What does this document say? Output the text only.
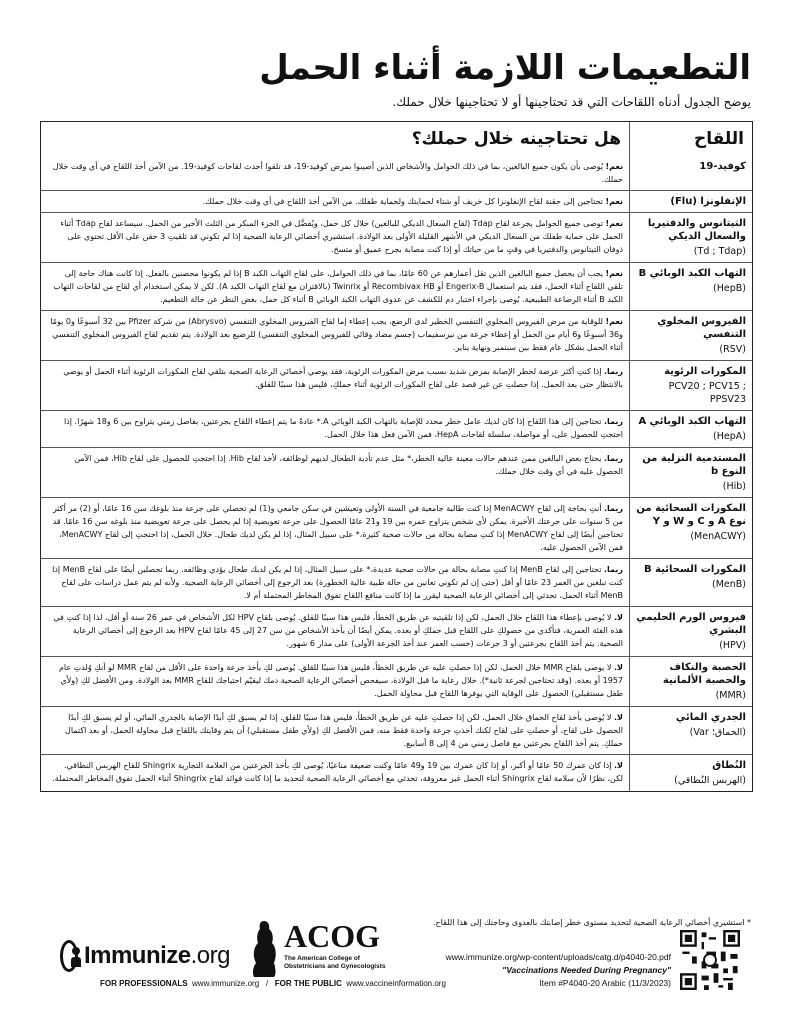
التطعيمات اللازمة أثناء الحمل
يوضح الجدول أدناه اللقاحات التي قد تحتاجينها أو لا تحتاجينها خلال حملك.
اللقاح
هل تحتاجينه خلال حملك؟
كوفيد-19
نعم! يُوصى بأن يكون جميع البالغين، بما في ذلك الحوامل والأشخاص الذين أصيبوا بمرض كوفيد-19، قد تلقوا أحدث لقاحات كوفيد-19. من الآمن أخذ اللقاح في أي وقت خلال حملك.
الإنفلونزا (Flu)
نعم! تحتاجين إلى حقنة لقاح الإنفلونزا كل خريف أو شتاء لحمايتك ولحماية طفلك. من الآمن أخذ اللقاح في أي وقت خلال حملك.
التيتانوس والدفتيريا والسعال الديكي
(Td ; Tdap)
نعم! توصى جميع الحوامل بجرعة لقاح Tdap (لقاح السعال الديكي للبالغين) خلال كل حمل، ويُفضَّل في الجزء المبكر من الثلث الأخير من الحمل. سيساعد لقاح Tdap أثناء الحمل على حماية طفلك من السعال الديكي في الأشهر القليلة الأولى بعد الولادة. استشيري أخصائي الرعاية الصحية إذا لم تكوني قد تلقيتِ 3 حقن على الأقل تحتوي على ذوفان التيتانوس والدفتيريا في وقتٍ ما من حياتك أو إذا كنت مصابة بجرح عميق أو متسخ.
التهاب الكبد الوبائي B
(HepB)
نعم! يجب أن يحصل جميع البالغين الذين تقل أعمارهم عن 60 عامًا، بما في ذلك الحوامل، على لقاح التهاب الكبد B إذا لم يكونوا محصنين بالفعل. إذا كانت هناك حاجة إلى تلقي اللقاح أثناء الحمل، فقد يتم استعمال Engerix-B أو Recombivax HB أو Twinrix (بالاقتران مع لقاح التهاب الكبد A). لكن لا يمكن استخدام أي لقاح من لقاحات التهاب الكبد B أثناء الرضاعة الطبيعية. يُوصى بإجراء اختبار دم للكشف عن عدوى التهاب الكبد الوبائي B أثناء كل حمل، بغض النظر عن حالة التطعيم.
الفيروس المخلوي التنفسي
(RSV)
نعم! للوقاية من مرض الفيروس المخلوي التنفسي الخطير لدى الرضع، يجب إعطاء إما لقاح الفيروس المخلوي التنفسي (Abrysvo) من شركة Pfizer بين 32 أسبوعًا و0 يومًا و36 أسبوعًا و6 أيام من الحمل أو إعطاء جرعة من نيرسفيماب (جسم مضاد وقائي للفيروس المخلوي التنفسي) للرضيع بعد الولادة. يتم تقديم لقاح الفيروس المخلوي التنفسي أثناء الحمل بشكل عام فقط بين سبتمبر ونهاية يناير.
المكورات الرئوية
PCV20 ; PCV15 ; PPSV23
ربما. إذا كنتِ أكثر عرضة لخطر الإصابة بمرض شديد بسبب مرض المكورات الرئوية، فقد يوصي أخصائي الرعاية الصحية بتلقي لقاح المكورات الرئوية أثناء الحمل أو يوصي بالانتظار حتى بعد الحمل. إذا حصلتِ عن غير قصد على لقاح المكورات الرئوية أثناء حملكِ، فليس هذا سببًا للقلق.
التهاب الكبد الوبائي A
(HepA)
ربما. تحتاجين إلى هذا اللقاح إذا كان لديك عامل خطر محدد للإصابة بالتهاب الكبد الوبائي A.* عادةً ما يتم إعطاء اللقاح بجرعتين، بفاصل زمني يتراوح بين 6 و18 شهرًا. إذا احتجتِ للحصول على، أو مواصلة، سلسلة لقاحات HepA، فمن الآمن فعل هذا خلال الحمل.
المستدمية النزلية من النوع b
(Hib)
ربما. يحتاج بعض البالغين ممن عندهم حالات معينة عالية الخطر،* مثل عدم تأدية الطحال لديهم لوظائفه، لأخذ لقاح Hib. إذا احتجتِ للحصول على لقاح Hib، فمن الآمن الحصول عليه في أي وقت خلال حملك.
المكورات السحائية من نوع A و C و W و Y
(MenACWY)
ربما. أنتِ بحاجة إلى لقاح MenACWY إذا كنت طالبة جامعية في السنة الأولى وتعيشين في سكن جامعي و(1) لم تحصلي على جرعة منذ بلوغك سن 16 عامًا، أو (2) مر أكثر من 5 سنوات على جرعتك الأخيرة. يمكن لأي شخص يتراوح عمره بين 19 و21 عامًا الحصول على جرعة تعويضية إذا لم يحصل على جرعة تعويضية منذ بلوغه سن 16 عامًا. قد تحتاجين أيضًا إلى لقاح MenACWY إذا كنتِ مصابة بحالة من حالات صحية كثيرة،* على سبيل المثال، إذا لم يكن لديك طحال. خلال الحمل، إذا احتجتِ إلى لقاح MenACWY، فمن الآمن الحصول عليه.
المكورات السحائية B
(MenB)
ربما. تحتاجين إلى لقاح MenB إذا كنتِ مصابة بحالة من حالات صحية عديدة،* على سبيل المثال، إذا لم يكن لديك طحال يؤدي وظائفه. ربما تحصلين أيضًا على لقاح MenB إذا كنت تبلغين من العمر 23 عامًا أو أقل (حتى إن لم تكوني تعانين من حالة طبية عالية الخطورة) بعد الرجوع إلى أخصائي الرعاية الصحية. ولأنه لم يتم عمل دراسات على لقاح MenB أثناء الحمل، تحدثي إلى أخصائي الرعاية الصحية ليقرر ما إذا كانت منافع اللقاح تفوق المخاطر المحتملة أم لا.
فيروس الورم الحليمي البشري
(HPV)
لا. لا يُوصى بإعطاء هذا اللقاح خلال الحمل، لكن إذا تلقيتيه عن طريق الخطأ، فليس هذا سببًا للقلق. يُوصى بلقاح HPV لكل الأشخاص في عمر 26 سنة أو أقل، لذا إذا كنتِ في هذه الفئة العمرية، فتأكدي من حصولكِ على اللقاح قبل حملكِ أو بعده. يمكن أيضًا أن يأخذ الأشخاص من سن 27 إلى 45 عامًا لقاح HPV بعد الرجوع إلى أخصائي الرعاية الصحية. يتم أخذ اللقاح بجرعتين أو 3 جرعات (حسب العمر عند أخذ الجرعة الأولى) على مدار 6 شهور.
الحصبة والنكاف والحصبة الألمانية
(MMR)
لا. لا يوصى بلقاح MMR خلال الحمل، لكن إذا حصلتِ عليه عن طريق الخطأ، فليس هذا سببًا للقلق. يُوصى لكِ بأخذ جرعة واحدة على الأقل من لقاح MMR لو أنكِ وُلدتِ عام 1957 أو بعده. (وقد تحتاجين لجرعة ثانية*). خلال رعاية ما قبل الولادة، سيفحص أخصائي الرعاية الصحية دمك ليقيّم احتياجك للقاح MMR بعد الولادة. ومن الأفضل لكِ (ولأي طفل مستقبلي) الحصول على الوقاية التي يوفرها اللقاح قبل محاولة الحمل.
الجدري المائي
(الحماق؛ Var)
لا. لا يُوصى بأخذ لقاح الحماق خلال الحمل، لكن إذا حصلتِ عليه عن طريق الخطأ، فليس هذا سببًا للقلق. إذا لم يسبق لكِ أبدًا الإصابة بالجدري المائي، أو لم يسبق لكِ أبدًا الحصول على لقاح، أو حصلتِ على لقاح لكنك أخذتِ جرعة واحدة فقط منه، فمن الأفضل لكِ (ولأي طفل مستقبلي) أن يتم وقايتك باللقاح قبل محاولة الحمل، أو بعد اكتمال حملكِ. يتم أخذ اللقاح بجرعتين مع فاصل زمني من 4 إلى 8 أسابيع.
النُطاق
(الهربس النُطاقي)
لا. إذا كان عمرك 50 عامًا أو أكبر، أو إذا كان عمرك بين 19 و49 عامًا وكنت ضعيفة مناعيًا، يُوصى لكِ بأخذ الجرعتين من العلامة التجارية Shingrix للقاح الهربس النطاقي. لكن، نظرًا لأن سلامة لقاح Shingrix أثناء الحمل غير معروفة، تحدثي مع أخصائي الرعاية الصحية لتحديد ما إذا كانت فوائد لقاح Shingrix أثناء الحمل تفوق المخاطر المحتملة.
* استشيري أخصائي الرعاية الصحية لتحديد مستوى خطر إصابتك بالعدوى وحاجتك إلى هذا اللقاح.
Immunize.org
ACOG
The American College of Obstetricians and Gynecologists
www.immunize.org/wp-content/uploads/catg.d/p4040-20.pdf
"Vaccinations Needed During Pregnancy"
Item #P4040-20 Arabic (11/3/2023)
FOR PROFESSIONALS www.immunize.org / FOR THE PUBLIC www.vaccineinformation.org
